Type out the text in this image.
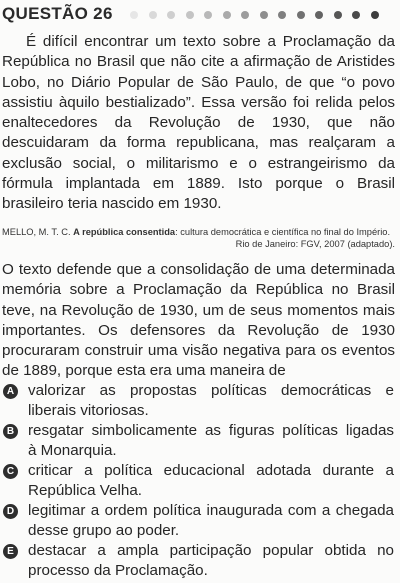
QUESTÃO 26
É difícil encontrar um texto sobre a Proclamação da República no Brasil que não cite a afirmação de Aristides Lobo, no Diário Popular de São Paulo, de que “o povo assistiu àquilo bestializado”. Essa versão foi relida pelos enaltecedores da Revolução de 1930, que não descuidaram da forma republicana, mas realçaram a exclusão social, o militarismo e o estrangeirismo da fórmula implantada em 1889. Isto porque o Brasil brasileiro teria nascido em 1930.
MELLO, M. T. C. A república consentida: cultura democrática e científica no final do Império.
Rio de Janeiro: FGV, 2007 (adaptado).
O texto defende que a consolidação de uma determinada memória sobre a Proclamação da República no Brasil teve, na Revolução de 1930, um de seus momentos mais importantes. Os defensores da Revolução de 1930 procuraram construir uma visão negativa para os eventos de 1889, porque esta era uma maneira de
A valorizar as propostas políticas democráticas e
liberais vitoriosas.
B resgatar simbolicamente as figuras políticas ligadas
à Monarquia.
C criticar a política educacional adotada durante a
República Velha.
D legitimar a ordem política inaugurada com a chegada
desse grupo ao poder.
E destacar a ampla participação popular obtida no
processo da Proclamação.
